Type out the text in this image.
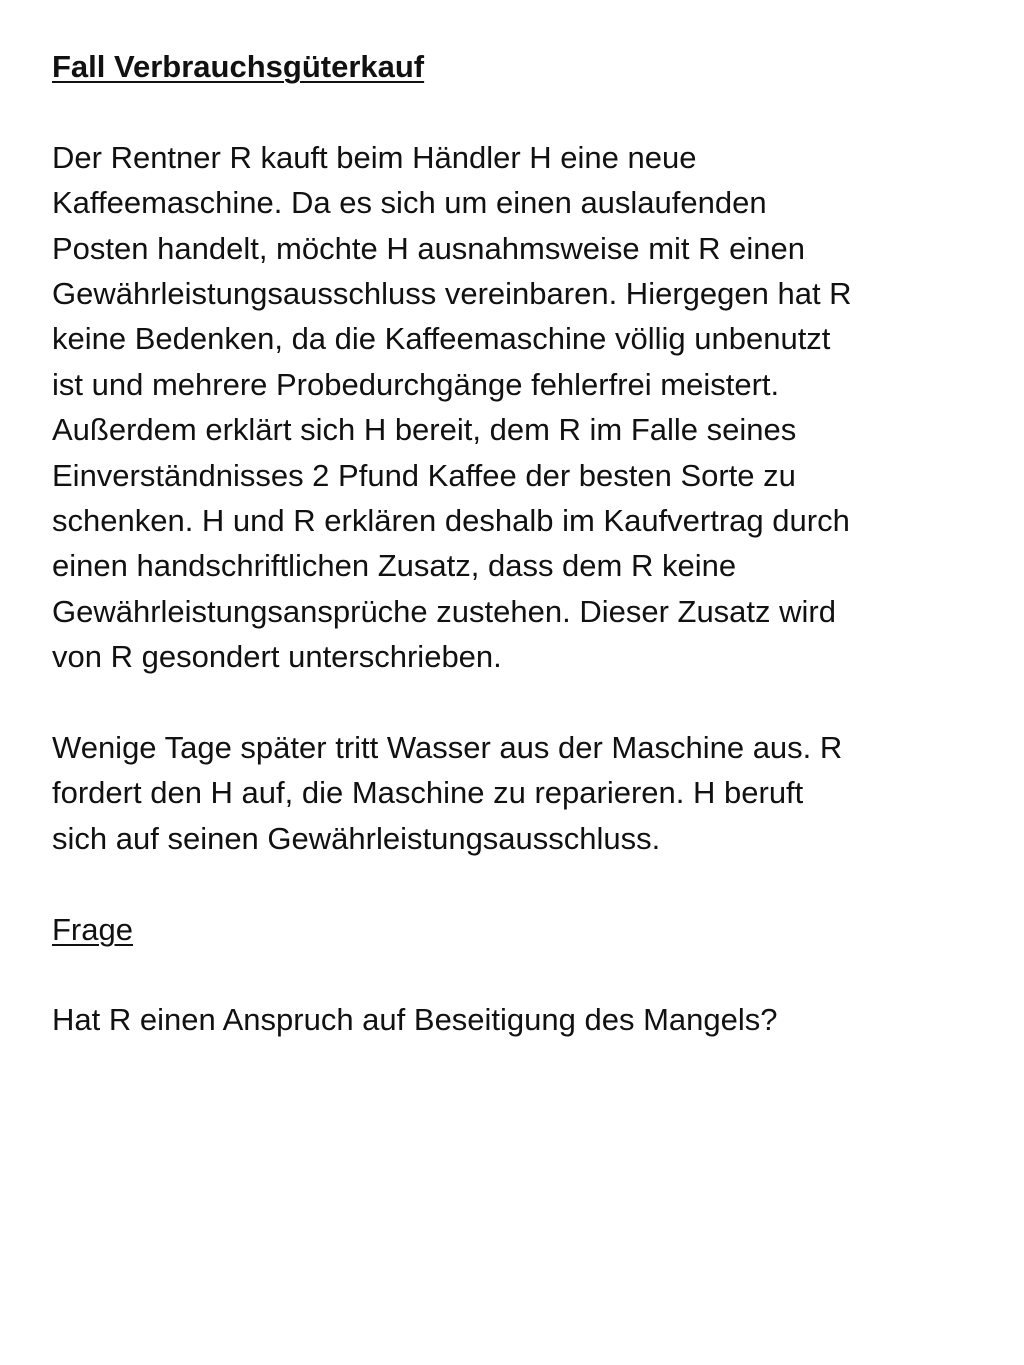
Fall Verbrauchsgüterkauf
Der Rentner R kauft beim Händler H eine neue
Kaffeemaschine. Da es sich um einen auslaufenden
Posten handelt, möchte H ausnahmsweise mit R einen
Gewährleistungsausschluss vereinbaren. Hiergegen hat R
keine Bedenken, da die Kaffeemaschine völlig unbenutzt
ist und mehrere Probedurchgänge fehlerfrei meistert.
Außerdem erklärt sich H bereit, dem R im Falle seines
Einverständnisses 2 Pfund Kaffee der besten Sorte zu
schenken. H und R erklären deshalb im Kaufvertrag durch
einen handschriftlichen Zusatz, dass dem R keine
Gewährleistungsansprüche zustehen. Dieser Zusatz wird
von R gesondert unterschrieben.
Wenige Tage später tritt Wasser aus der Maschine aus. R
fordert den H auf, die Maschine zu reparieren. H beruft
sich auf seinen Gewährleistungsausschluss.
Frage
Hat R einen Anspruch auf Beseitigung des Mangels?
